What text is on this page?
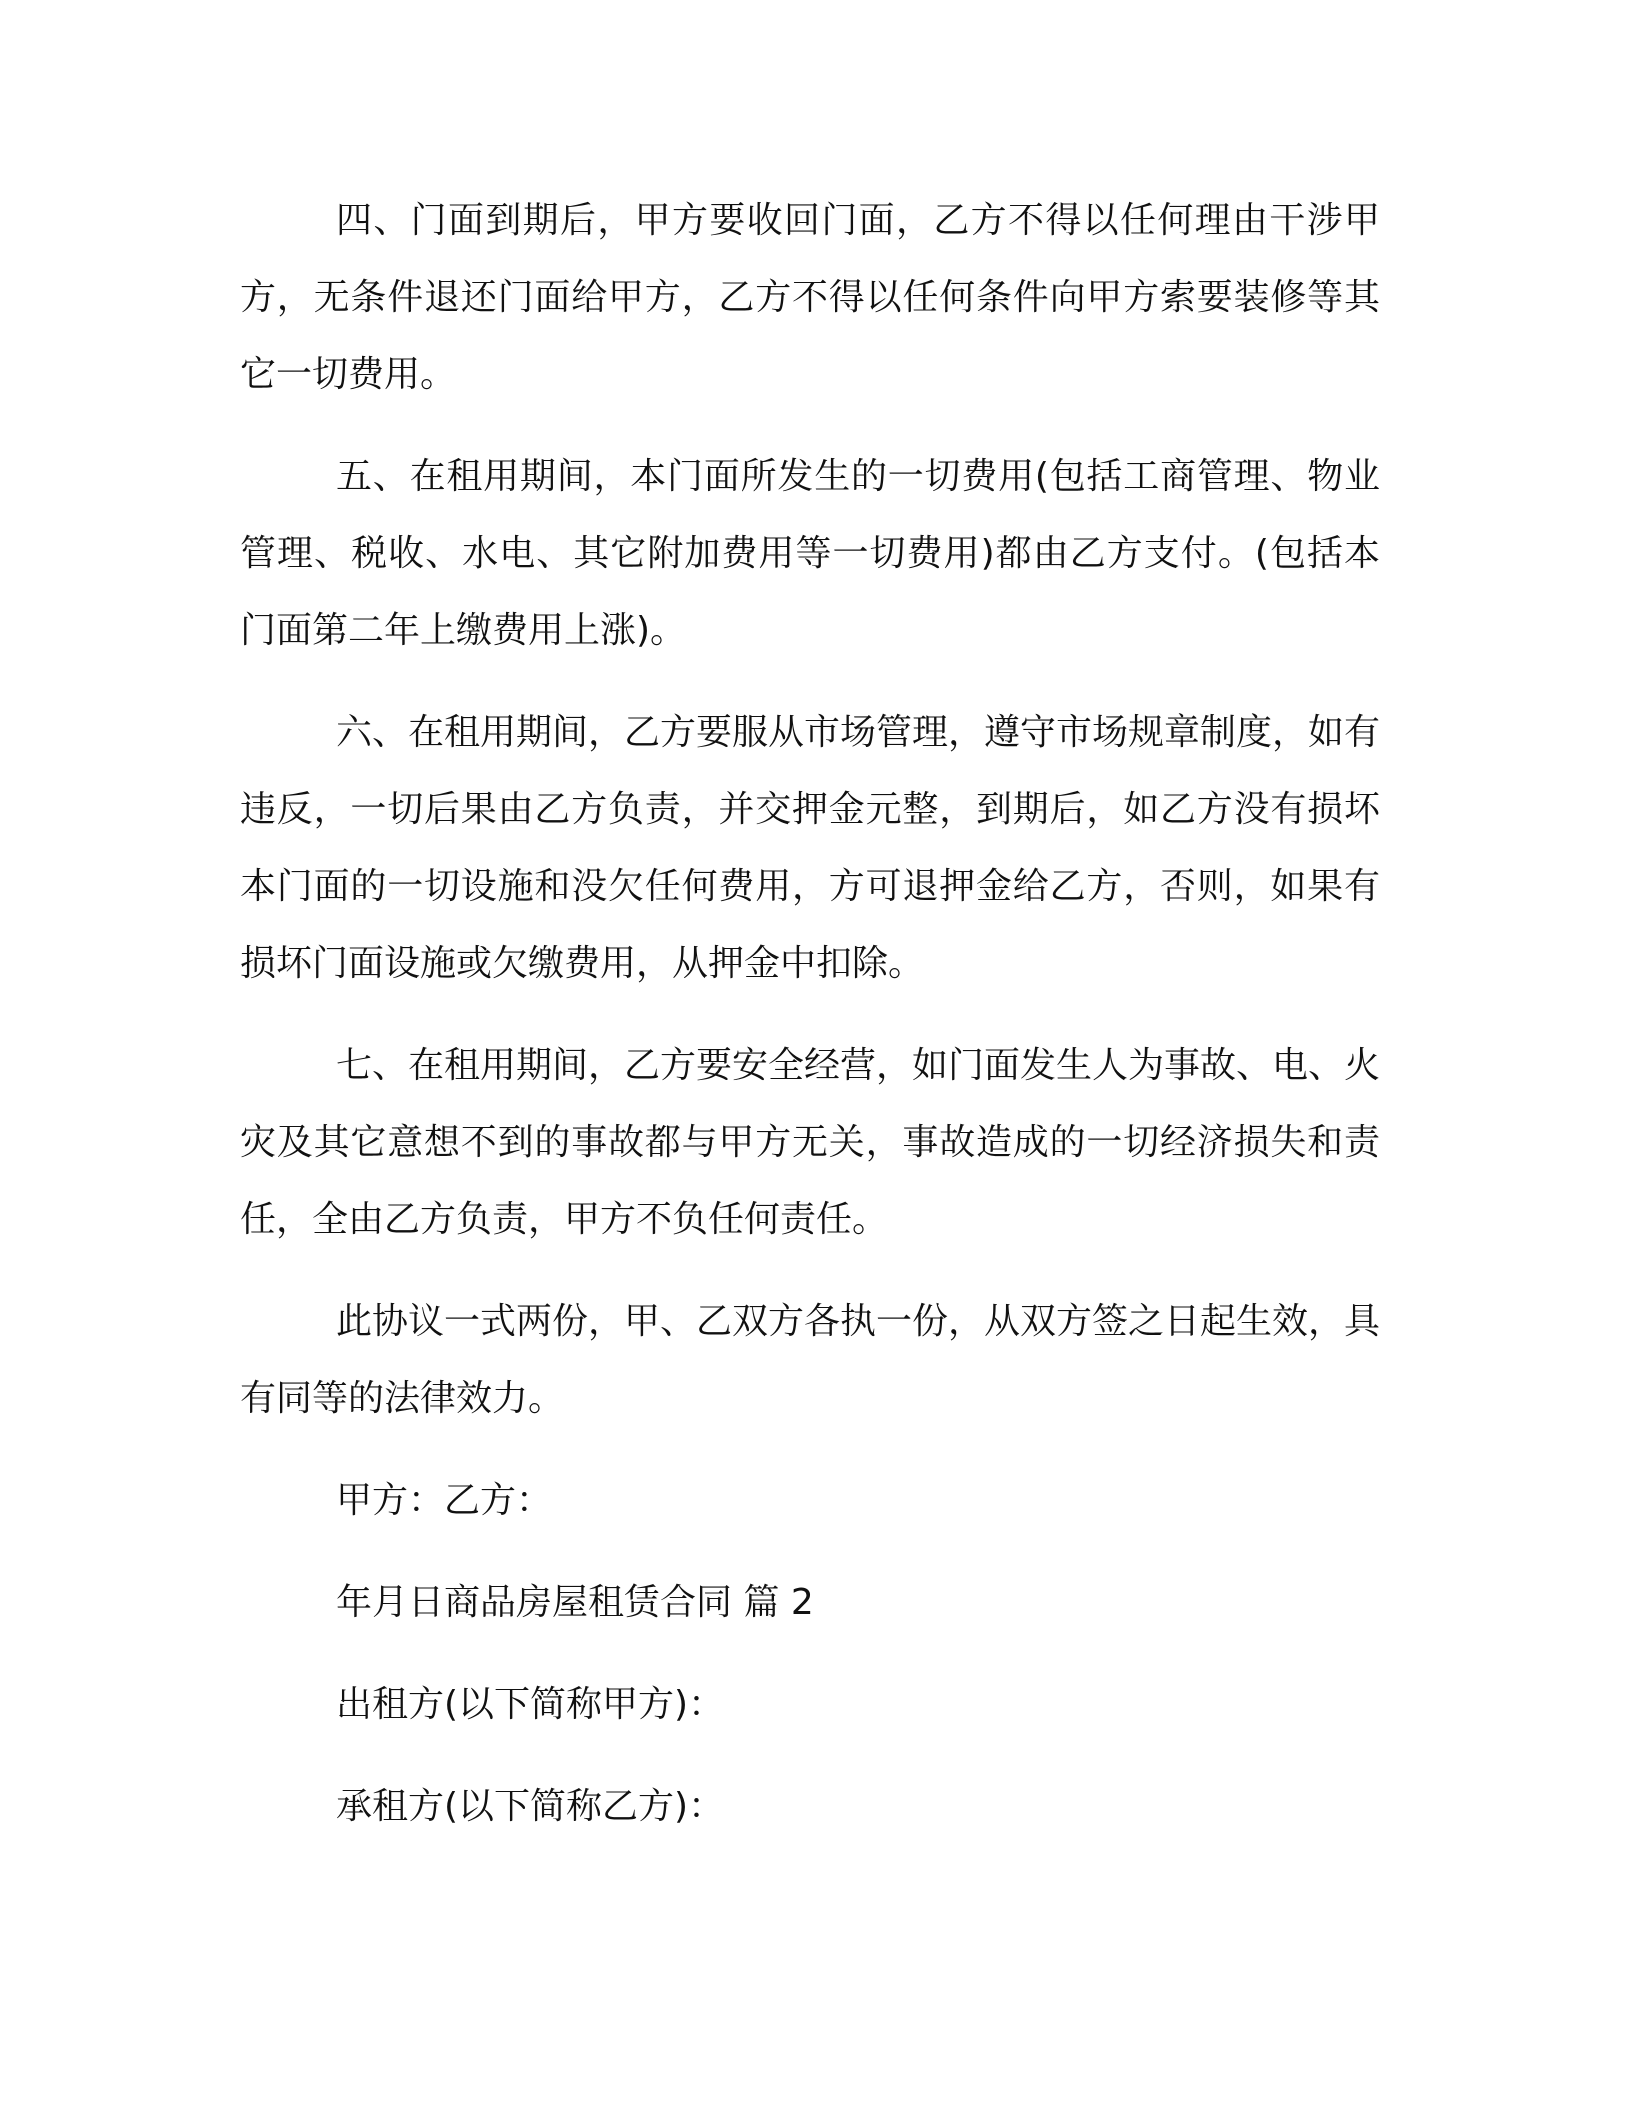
四、门面到期后，甲方要收回门面，乙方不得以任何理由干涉甲方，无条件退还门面给甲方，乙方不得以任何条件向甲方索要装修等其它一切费用。

五、在租用期间，本门面所发生的一切费用(包括工商管理、物业管理、税收、水电、其它附加费用等一切费用)都由乙方支付。(包括本门面第二年上缴费用上涨)。

六、在租用期间，乙方要服从市场管理，遵守市场规章制度，如有违反，一切后果由乙方负责，并交押金元整，到期后，如乙方没有损坏本门面的一切设施和没欠任何费用，方可退押金给乙方，否则，如果有损坏门面设施或欠缴费用，从押金中扣除。

七、在租用期间，乙方要安全经营，如门面发生人为事故、电、火灾及其它意想不到的事故都与甲方无关，事故造成的一切经济损失和责任，全由乙方负责，甲方不负任何责任。

此协议一式两份，甲、乙双方各执一份，从双方签之日起生效，具有同等的法律效力。

甲方：乙方：

年月日商品房屋租赁合同 篇 2

出租方(以下简称甲方)：

承租方(以下简称乙方)：
